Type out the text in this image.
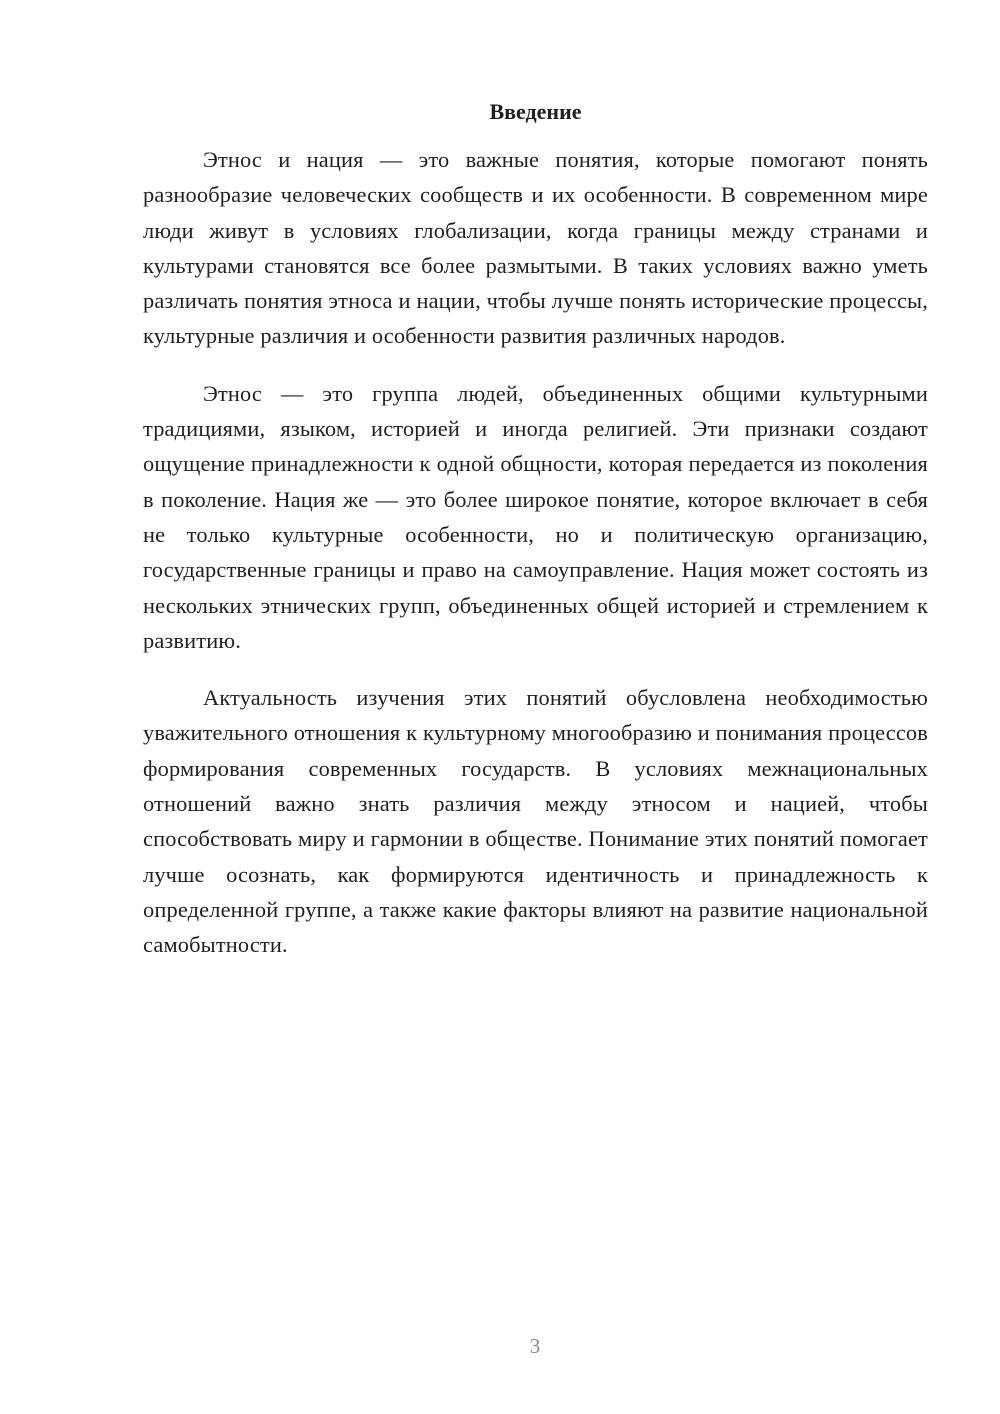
Введение

Этнос и нация — это важные понятия, которые помогают понять разнообразие человеческих сообществ и их особенности. В современном мире люди живут в условиях глобализации, когда границы между странами и культурами становятся все более размытыми. В таких условиях важно уметь различать понятия этноса и нации, чтобы лучше понять исторические процессы, культурные различия и особенности развития различных народов.

Этнос — это группа людей, объединенных общими культурными традициями, языком, историей и иногда религией. Эти признаки создают ощущение принадлежности к одной общности, которая передается из поколения в поколение. Нация же — это более широкое понятие, которое включает в себя не только культурные особенности, но и политическую организацию, государственные границы и право на самоуправление. Нация может состоять из нескольких этнических групп, объединенных общей историей и стремлением к развитию.

Актуальность изучения этих понятий обусловлена необходимостью уважительного отношения к культурному многообразию и понимания процессов формирования современных государств. В условиях межнациональных отношений важно знать различия между этносом и нацией, чтобы способствовать миру и гармонии в обществе. Понимание этих понятий помогает лучше осознать, как формируются идентичность и принадлежность к определенной группе, а также какие факторы влияют на развитие национальной самобытности.

3
